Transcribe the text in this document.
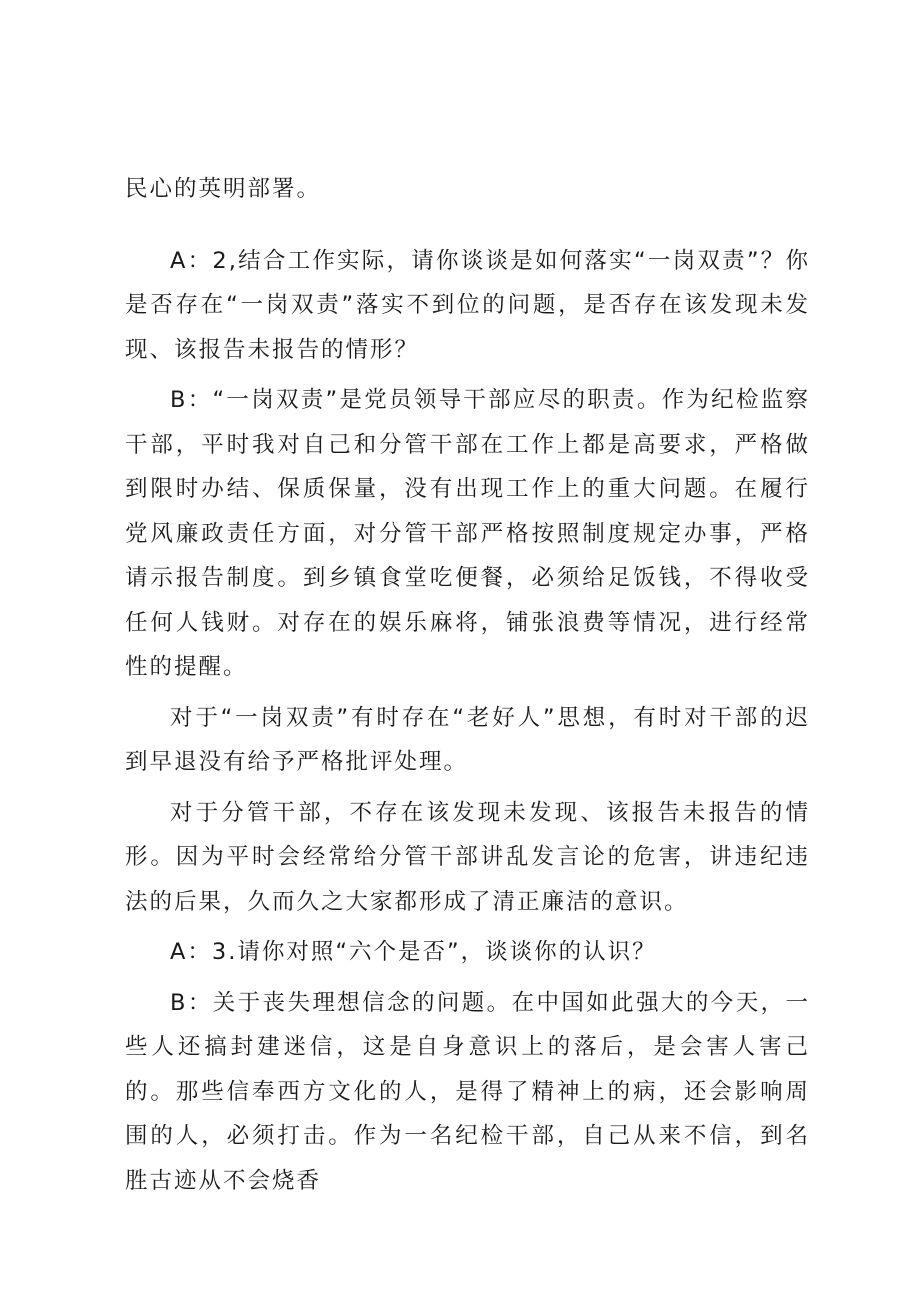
民心的英明部署。

A：2,结合工作实际，请你谈谈是如何落实“一岗双责”？你是否存在“一岗双责”落实不到位的问题，是否存在该发现未发现、该报告未报告的情形？

B：“一岗双责”是党员领导干部应尽的职责。作为纪检监察干部，平时我对自己和分管干部在工作上都是高要求，严格做到限时办结、保质保量，没有出现工作上的重大问题。在履行党风廉政责任方面，对分管干部严格按照制度规定办事，严格请示报告制度。到乡镇食堂吃便餐，必须给足饭钱，不得收受任何人钱财。对存在的娱乐麻将，铺张浪费等情况，进行经常性的提醒。

对于“一岗双责”有时存在“老好人”思想，有时对干部的迟到早退没有给予严格批评处理。

对于分管干部，不存在该发现未发现、该报告未报告的情形。因为平时会经常给分管干部讲乱发言论的危害，讲违纪违法的后果，久而久之大家都形成了清正廉洁的意识。

A：3.请你对照“六个是否”，谈谈你的认识？

B：关于丧失理想信念的问题。在中国如此强大的今天，一些人还搞封建迷信，这是自身意识上的落后，是会害人害己的。那些信奉西方文化的人，是得了精神上的病，还会影响周围的人，必须打击。作为一名纪检干部，自己从来不信，到名胜古迹从不会烧香
